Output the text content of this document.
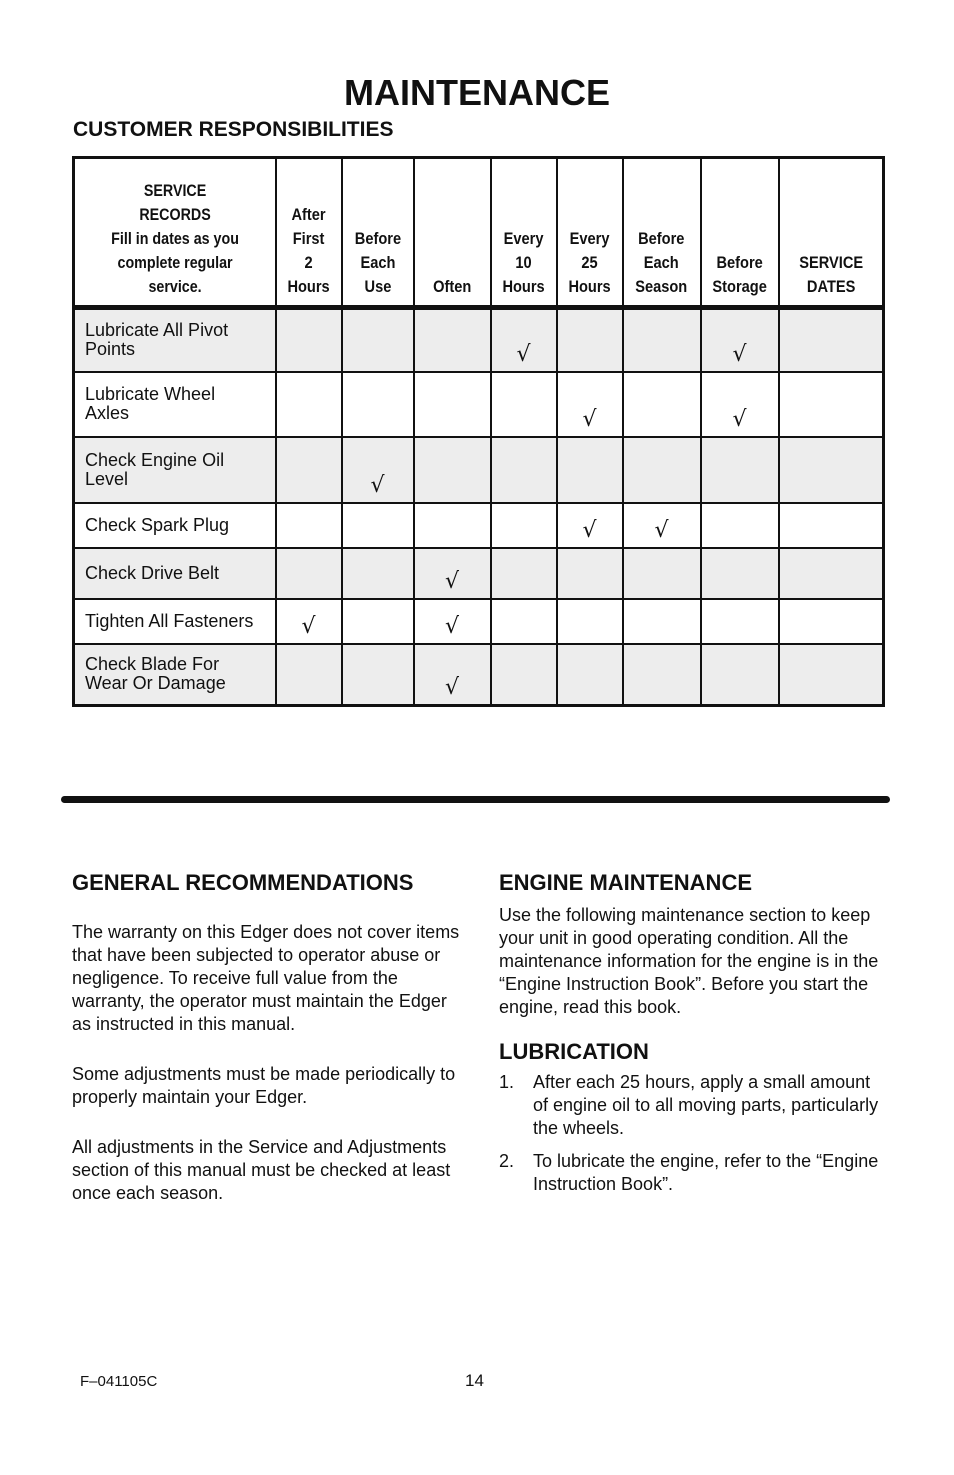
MAINTENANCE
CUSTOMER RESPONSIBILITIES
SERVICE
RECORDS
Fill in dates as you
complete regular
service.	After
First
2
Hours	Before
Each
Use	Often	Every
10
Hours	Every
25
Hours	Before
Each
Season	Before
Storage	SERVICE
DATES
Lubricate All Pivot
Points				√			√	
Lubricate Wheel
Axles					√		√	
Check Engine Oil
Level		√						
Check Spark Plug					√	√		
Check Drive Belt			√					
Tighten All Fasteners	√		√					
Check Blade For
Wear Or Damage			√					
GENERAL RECOMMENDATIONS

The warranty on this Edger does not cover items that have been subjected to operator abuse or negligence. To receive full value from the warranty, the operator must maintain the Edger as instructed in this manual.

Some adjustments must be made periodically to properly maintain your Edger.

All adjustments in the Service and Adjustments section of this manual must be checked at least once each season.

ENGINE MAINTENANCE

Use the following maintenance section to keep your unit in good operating condition. All the maintenance information for the engine is in the “Engine Instruction Book”. Before you start the engine, read this book.

LUBRICATION
1. After each 25 hours, apply a small amount of engine oil to all moving parts, particularly the wheels.
2. To lubricate the engine, refer to the “Engine Instruction Book”.
F–041105C	14
